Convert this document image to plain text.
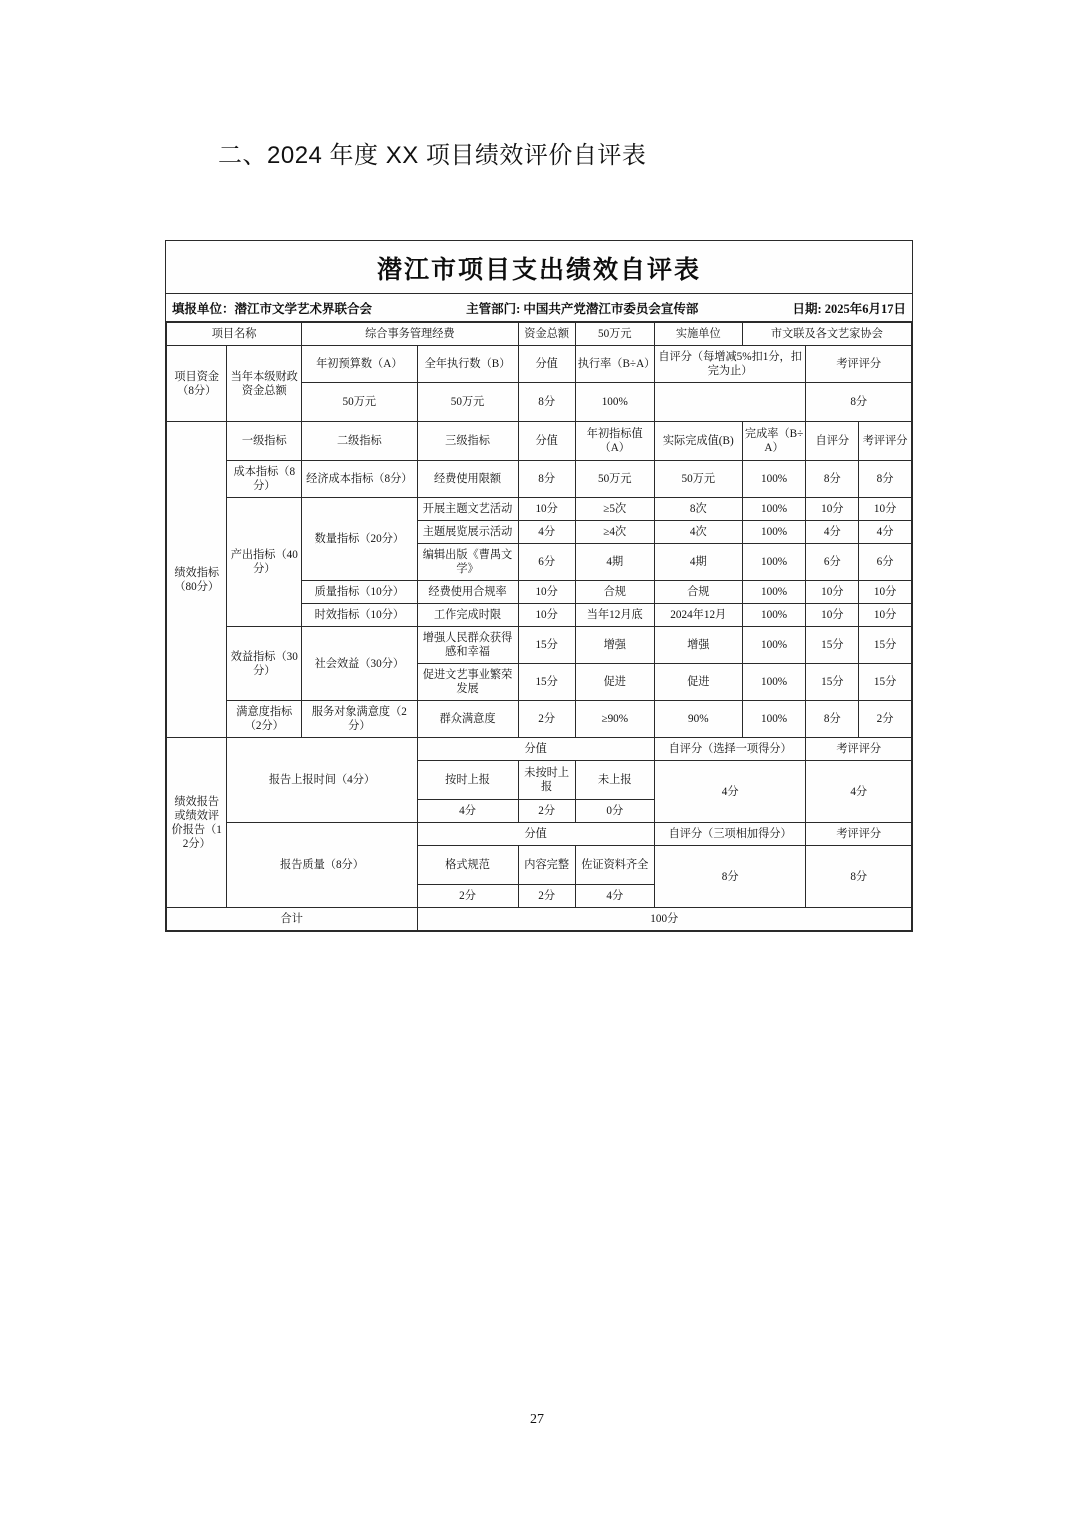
二、2024 年度 XX 项目绩效评价自评表
潜江市项目支出绩效自评表
填报单位：潜江市文学艺术界联合会	主管部门: 中国共产党潜江市委员会宣传部	日期: 2025年6月17日
项目名称		综合事务管理经费		资金总额	50万元	实施单位	市文联及各文艺家协会		
项目资金（8分）	当年本级财政资金总额	年初预算数（A）	全年执行数（B）	分值	执行率（B÷A）	自评分（每增减5%扣1分，扣完为止）		考评评分	
		50万元	50万元	8分	100%			8分	
绩效指标（80分）	一级指标	二级指标	三级指标	分值	年初指标值（A）	实际完成值(B)	完成率（B÷A）	自评分	考评评分
	成本指标（8分）	经济成本指标（8分）	经费使用限额	8分	50万元	50万元	100%	8分	8分
	产出指标（40分）	数量指标（20分）	开展主题文艺活动	10分	≥5次	8次	100%	10分	10分
			主题展览展示活动	4分	≥4次	4次	100%	4分	4分
			编辑出版《曹禺文学》	6分	4期	4期	100%	6分	6分
		质量指标（10分）	经费使用合规率	10分	合规	合规	100%	10分	10分
		时效指标（10分）	工作完成时限	10分	当年12月底	2024年12月	100%	10分	10分
	效益指标（30分）	社会效益（30分）	增强人民群众获得感和幸福	15分	增强	增强	100%	15分	15分
			促进文艺事业繁荣发展	15分	促进	促进	100%	15分	15分
	满意度指标（2分）	服务对象满意度（2分）	群众满意度	2分	≥90%	90%	100%	8分	2分
绩效报告或绩效评价报告（12分）	报告上报时间（4分）		分值			自评分（选择一项得分）		考评评分	
			按时上报	未按时上报	未上报	4分		4分	
			4分	2分	0分				
	报告质量（8分）		分值			自评分（三项相加得分）		考评评分	
			格式规范	内容完整	佐证资料齐全	8分		8分	
			2分	2分	4分				
合计			100分						
27
